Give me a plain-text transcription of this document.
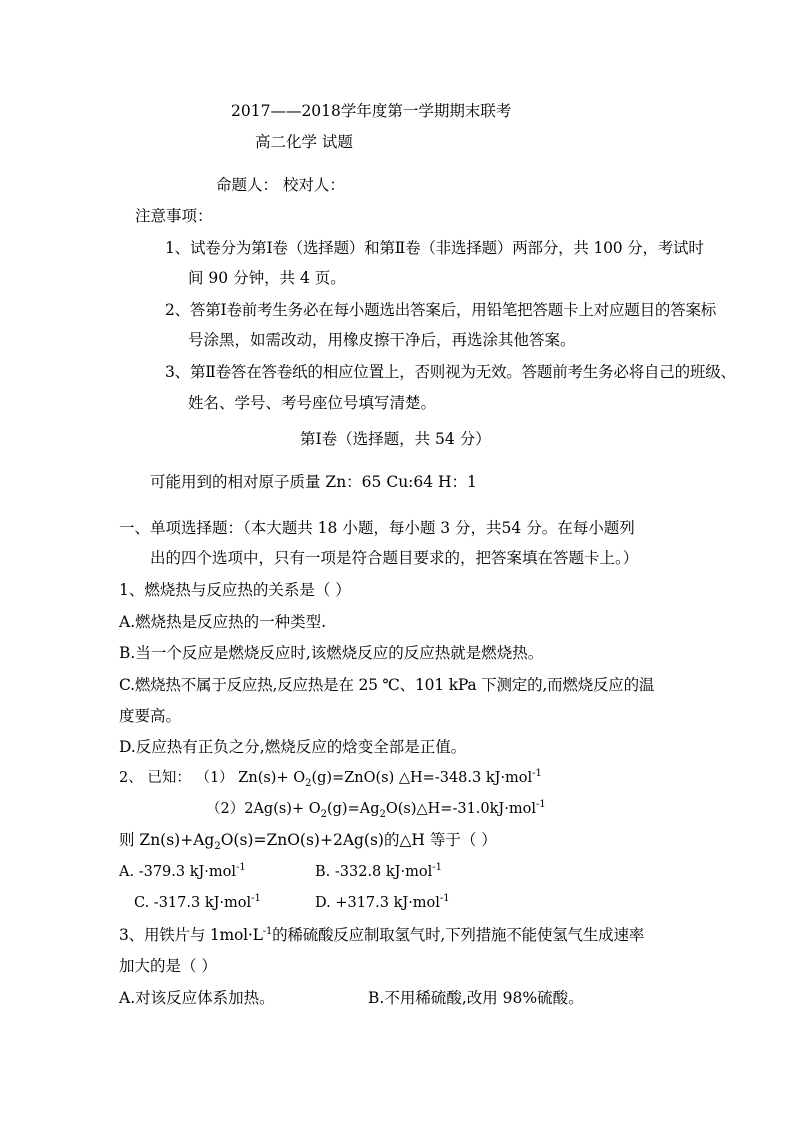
2017——2018学年度第一学期期末联考
高二化学 试题
命题人： 校对人：
注意事项：
1、试卷分为第Ⅰ卷（选择题）和第Ⅱ卷（非选择题）两部分，共 100 分，考试时
间 90 分钟，共 4 页。
2、答第Ⅰ卷前考生务必在每小题选出答案后，用铅笔把答题卡上对应题目的答案标
号涂黑，如需改动，用橡皮擦干净后，再选涂其他答案。
3、第Ⅱ卷答在答卷纸的相应位置上，否则视为无效。答题前考生务必将自己的班级、
姓名、学号、考号座位号填写清楚。
第Ⅰ卷（选择题，共 54 分）
可能用到的相对原子质量 Zn：65 Cu:64 H：1
一、单项选择题：（本大题共 18 小题，每小题 3 分，共54 分。在每小题列
出的四个选项中，只有一项是符合题目要求的，把答案填在答题卡上。）
1、燃烧热与反应热的关系是（ ）
A.燃烧热是反应热的一种类型.
B.当一个反应是燃烧反应时,该燃烧反应的反应热就是燃烧热。
C.燃烧热不属于反应热,反应热是在 25 ℃、101 kPa 下测定的,而燃烧反应的温
度要高。
D.反应热有正负之分,燃烧反应的焓变全部是正值。
2、 已知： （1） $Zn(s)+ O_2(g)=ZnO(s)$ △H=-348.3 kJ·mol$^{-1}$
$(2)2Ag(s)+ O_2(g)=Ag_2O(s)\triangle H=-31.0kJ\cdot mol^{-1}$
则 $Zn(s)+Ag_2O(s)=ZnO(s)+2Ag(s)$的△H 等于（ ）
A. -379.3 kJ·mol$^{-1}$	B. -332.8 kJ·mol$^{-1}$
C. -317.3 kJ·mol$^{-1}$	D. +317.3 kJ·mol$^{-1}$
3、用铁片与 $1mol\cdot L^{-1}$的稀硫酸反应制取氢气时,下列措施不能使氢气生成速率
加大的是（ ）
A.对该反应体系加热。	B.不用稀硫酸,改用 98%硫酸。
